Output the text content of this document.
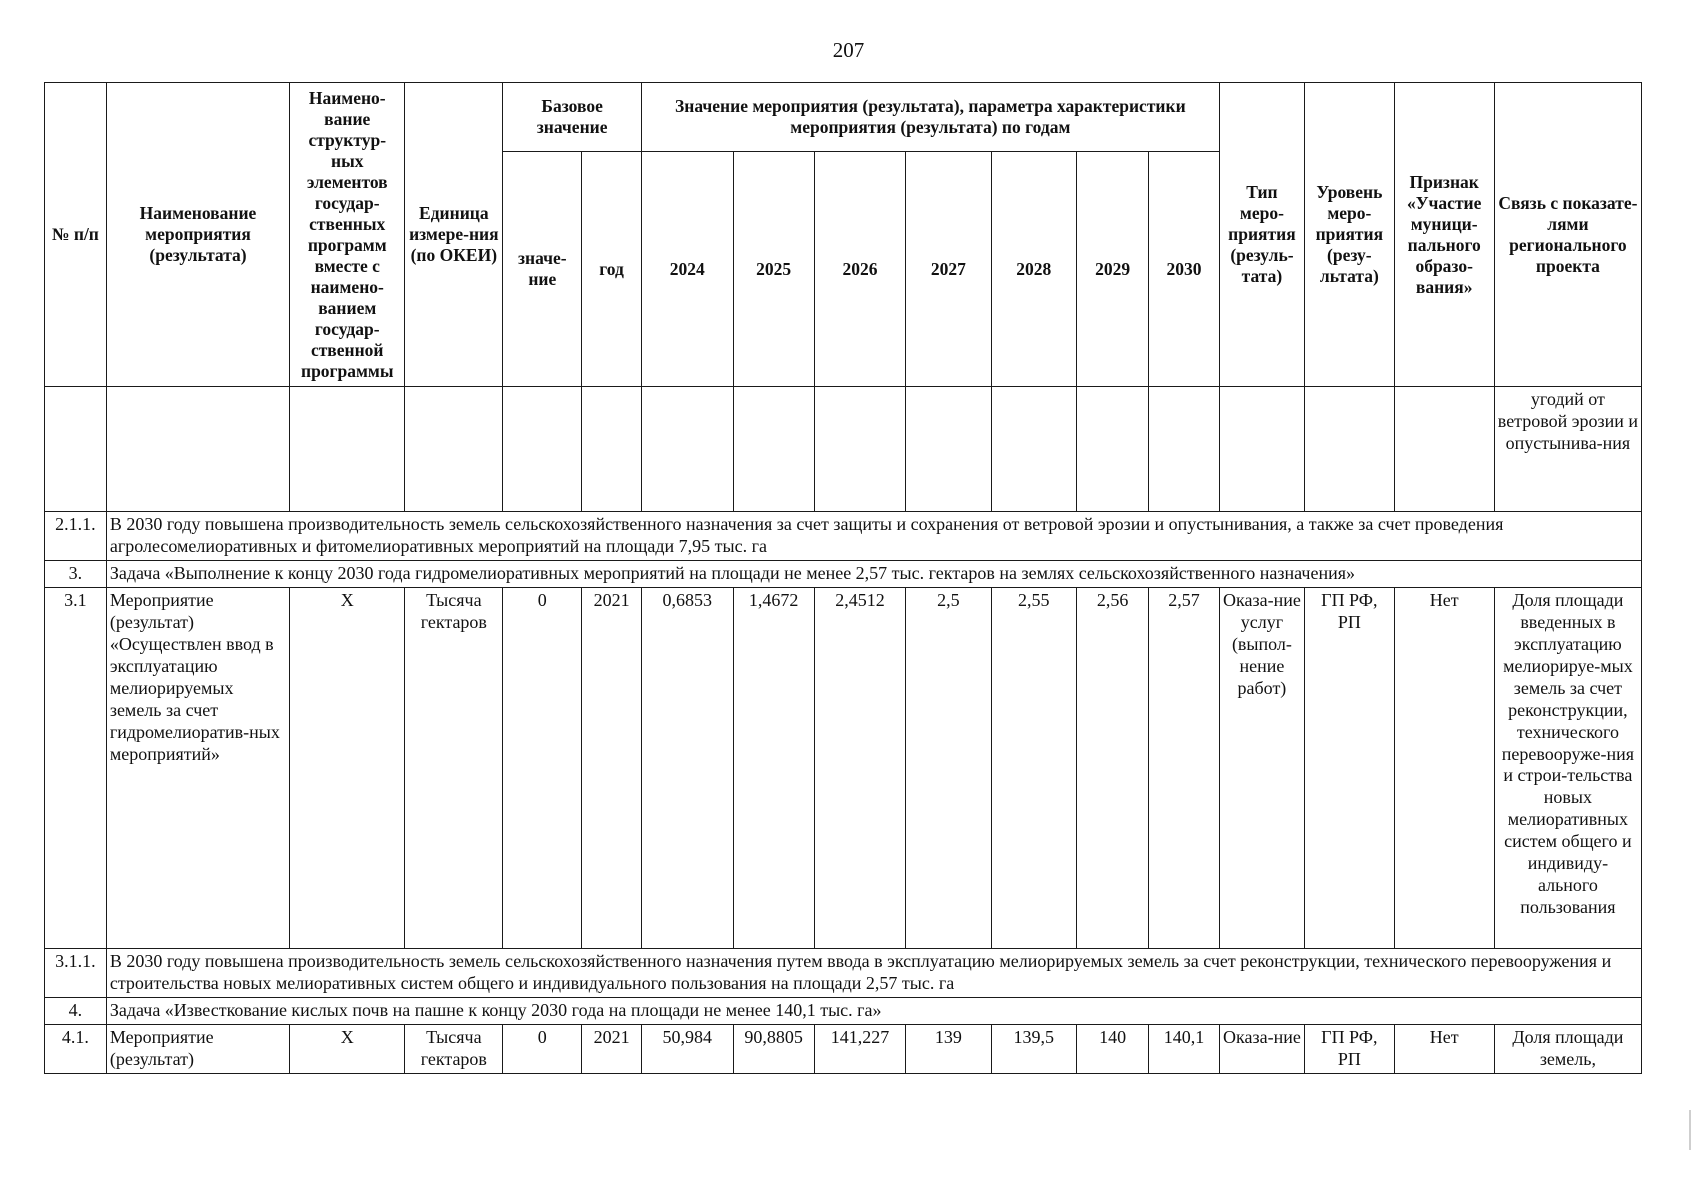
207
№ п/п	Наименование мероприятия (результата)	Наимено-вание структур-ных элементов государ-ственных программ вместе с наимено-ванием государ-ственной программы	Единица измере-ния (по ОКЕИ)	Базовое значение		Значение мероприятия (результата), параметра характеристики мероприятия (результата) по годам							Тип меро-приятия (резуль-тата)	Уровень меро-приятия (резу-льтата)	Признак «Участие муници-пального образо-вания»	Связь с показате-лями регионального проекта
				значе-ние	год	2024	2025	2026	2027	2028	2029	2030				
																угодий от ветровой эрозии и опустынива-ния
2.1.1.	В 2030 году повышена производительность земель сельскохозяйственного назначения за счет защиты и сохранения от ветровой эрозии и опустынивания, а также за счет проведения агролесомелиоративных и фитомелиоративных мероприятий на площади 7,95 тыс. га															
3.	Задача «Выполнение к концу 2030 года гидромелиоративных мероприятий на площади не менее 2,57 тыс. гектаров на землях сельскохозяйственного назначения»															
3.1	Мероприятие (результат) «Осуществлен ввод в эксплуатацию мелиорируемых земель за счет гидромелиоратив-ных мероприятий»	X	Тысяча гектаров	0	2021	0,6853	1,4672	2,4512	2,5	2,55	2,56	2,57	Оказа-ние услуг (выпол-нение работ)	ГП РФ, РП	Нет	Доля площади введенных в эксплуатацию мелиорируе-мых земель за счет реконструкции, технического перевооруже-ния и строи-тельства новых мелиоративных систем общего и индивиду-ального пользования
3.1.1.	В 2030 году повышена производительность земель сельскохозяйственного назначения путем ввода в эксплуатацию мелиорируемых земель за счет реконструкции, технического перевооружения и строительства новых мелиоративных систем общего и индивидуального пользования на площади 2,57 тыс. га															
4.	Задача «Известкование кислых почв на пашне к концу 2030 года на площади не менее 140,1 тыс. га»															
4.1.	Мероприятие (результат)	X	Тысяча гектаров	0	2021	50,984	90,8805	141,227	139	139,5	140	140,1	Оказа-ние	ГП РФ, РП	Нет	Доля площади земель,
